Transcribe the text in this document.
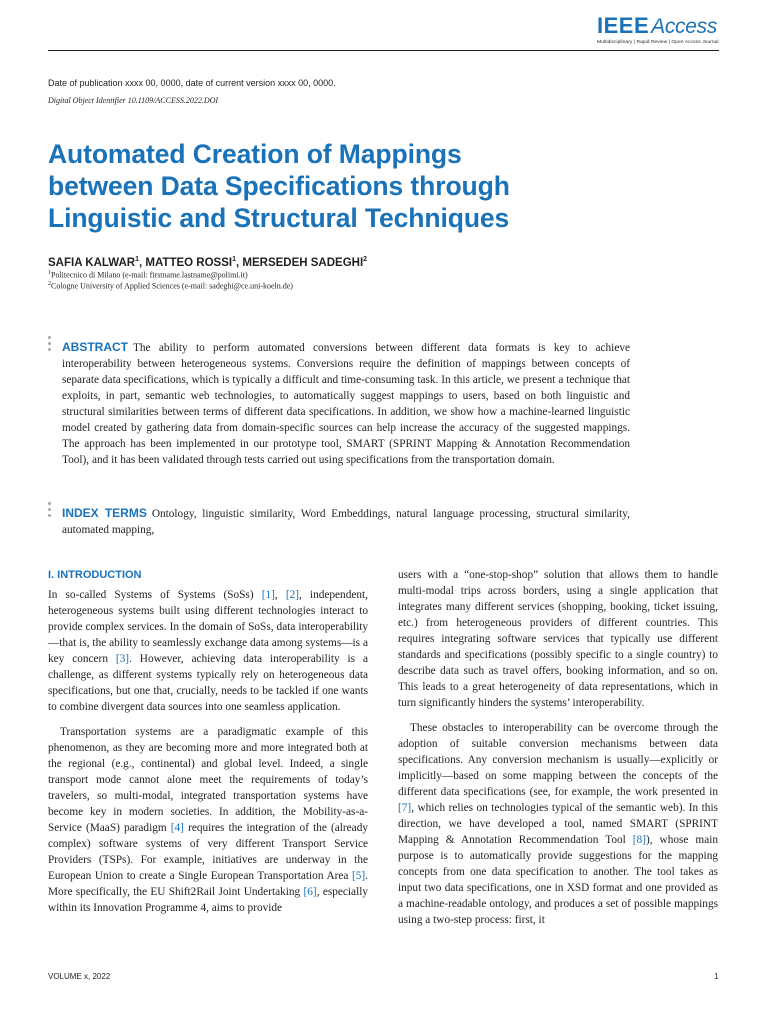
IEEEAccess
Multidisciplinary | Rapid Review | Open Access Journal
Date of publication xxxx 00, 0000, date of current version xxxx 00, 0000.
Digital Object Identifier 10.1109/ACCESS.2022.DOI
Automated Creation of Mappings
between Data Specifications through
Linguistic and Structural Techniques
SAFIA KALWAR$^1$, MATTEO ROSSI$^1$, MERSEDEH SADEGHI$^2$
$^1$Politecnico di Milano (e-mail: firstname.lastname@polimi.it)
$^2$Cologne University of Applied Sciences (e-mail: sadeghi@ce.uni-koeln.de)
ABSTRACT The ability to perform automated conversions between different data formats is key to achieve interoperability between heterogeneous systems. Conversions require the definition of mappings between concepts of separate data specifications, which is typically a difficult and time-consuming task. In this article, we present a technique that exploits, in part, semantic web technologies, to automatically suggest mappings to users, based on both linguistic and structural similarities between terms of different data specifications. In addition, we show how a machine-learned linguistic model created by gathering data from domain-specific sources can help increase the accuracy of the suggested mappings. The approach has been implemented in our prototype tool, SMART (SPRINT Mapping & Annotation Recommendation Tool), and it has been validated through tests carried out using specifications from the transportation domain.
INDEX TERMS Ontology, linguistic similarity, Word Embeddings, natural language processing, structural similarity, automated mapping,
I. INTRODUCTION

In so-called Systems of Systems (SoSs) [1], [2], independent, heterogeneous systems built using different technologies interact to provide complex services. In the domain of SoSs, data interoperability—that is, the ability to seamlessly exchange data among systems—is a key concern [3]. However, achieving data interoperability is a challenge, as different systems typically rely on heterogeneous data specifications, but one that, crucially, needs to be tackled if one wants to combine divergent data sources into one seamless application.

Transportation systems are a paradigmatic example of this phenomenon, as they are becoming more and more integrated both at the regional (e.g., continental) and global level. Indeed, a single transport mode cannot alone meet the requirements of today’s travelers, so multi-modal, integrated transportation systems have become key in modern societies. In addition, the Mobility-as-a-Service (MaaS) paradigm [4] requires the integration of the (already complex) software systems of very different Transport Service Providers (TSPs). For example, initiatives are underway in the European Union to create a Single European Transportation Area [5]. More specifically, the EU Shift2Rail Joint Undertaking [6], especially within its Innovation Programme 4, aims to provide

users with a “one-stop-shop” solution that allows them to handle multi-modal trips across borders, using a single application that integrates many different services (shopping, booking, ticket issuing, etc.) from heterogeneous providers of different countries. This requires integrating software services that typically use different standards and specifications (possibly specific to a single country) to describe data such as travel offers, booking information, and so on. This leads to a great heterogeneity of data representations, which in turn significantly hinders the systems’ interoperability.

These obstacles to interoperability can be overcome through the adoption of suitable conversion mechanisms between data specifications. Any conversion mechanism is usually—explicitly or implicitly—based on some mapping between the concepts of the different data specifications (see, for example, the work presented in [7], which relies on technologies typical of the semantic web). In this direction, we have developed a tool, named SMART (SPRINT Mapping & Annotation Recommendation Tool [8]), whose main purpose is to automatically provide suggestions for the mapping concepts from one data specification to another. The tool takes as input two data specifications, one in XSD format and one provided as a machine-readable ontology, and produces a set of possible mappings using a two-step process: first, it

VOLUME x, 2022	1
